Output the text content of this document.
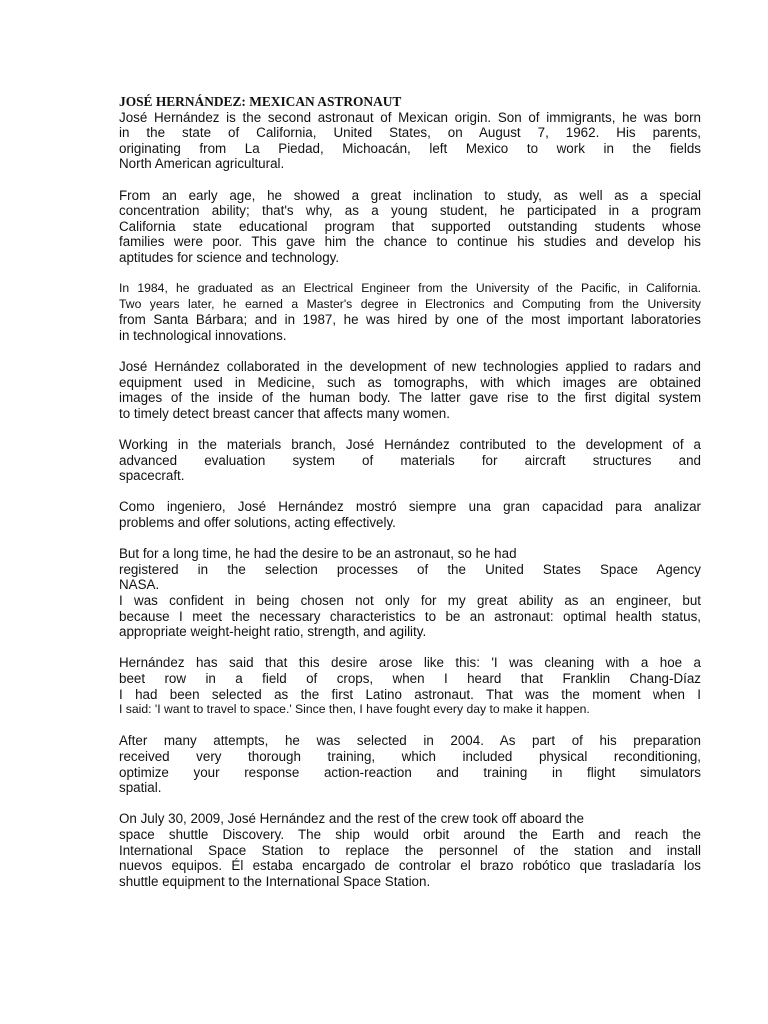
JOSÉ HERNÁNDEZ: MEXICAN ASTRONAUT
José Hernández is the second astronaut of Mexican origin. Son of immigrants, he was born
in the state of California, United States, on August 7, 1962. His parents,
originating from La Piedad, Michoacán, left Mexico to work in the fields
North American agricultural.
From an early age, he showed a great inclination to study, as well as a special
concentration ability; that's why, as a young student, he participated in a program
California state educational program that supported outstanding students whose
families were poor. This gave him the chance to continue his studies and develop his
aptitudes for science and technology.
In 1984, he graduated as an Electrical Engineer from the University of the Pacific, in California.
Two years later, he earned a Master's degree in Electronics and Computing from the University
from Santa Bárbara; and in 1987, he was hired by one of the most important laboratories
in technological innovations.
José Hernández collaborated in the development of new technologies applied to radars and
equipment used in Medicine, such as tomographs, with which images are obtained
images of the inside of the human body. The latter gave rise to the first digital system
to timely detect breast cancer that affects many women.
Working in the materials branch, José Hernández contributed to the development of a
advanced evaluation system of materials for aircraft structures and
spacecraft.
Como ingeniero, José Hernández mostró siempre una gran capacidad para analizar
problems and offer solutions, acting effectively.
But for a long time, he had the desire to be an astronaut, so he had
registered in the selection processes of the United States Space Agency
NASA.
I was confident in being chosen not only for my great ability as an engineer, but
because I meet the necessary characteristics to be an astronaut: optimal health status,
appropriate weight-height ratio, strength, and agility.
Hernández has said that this desire arose like this: 'I was cleaning with a hoe a
beet row in a field of crops, when I heard that Franklin Chang-Díaz
I had been selected as the first Latino astronaut. That was the moment when I
I said: 'I want to travel to space.' Since then, I have fought every day to make it happen.
After many attempts, he was selected in 2004. As part of his preparation
received very thorough training, which included physical reconditioning,
optimize your response action-reaction and training in flight simulators
spatial.
On July 30, 2009, José Hernández and the rest of the crew took off aboard the
space shuttle Discovery. The ship would orbit around the Earth and reach the
International Space Station to replace the personnel of the station and install
nuevos equipos. Él estaba encargado de controlar el brazo robótico que trasladaría los
shuttle equipment to the International Space Station.
